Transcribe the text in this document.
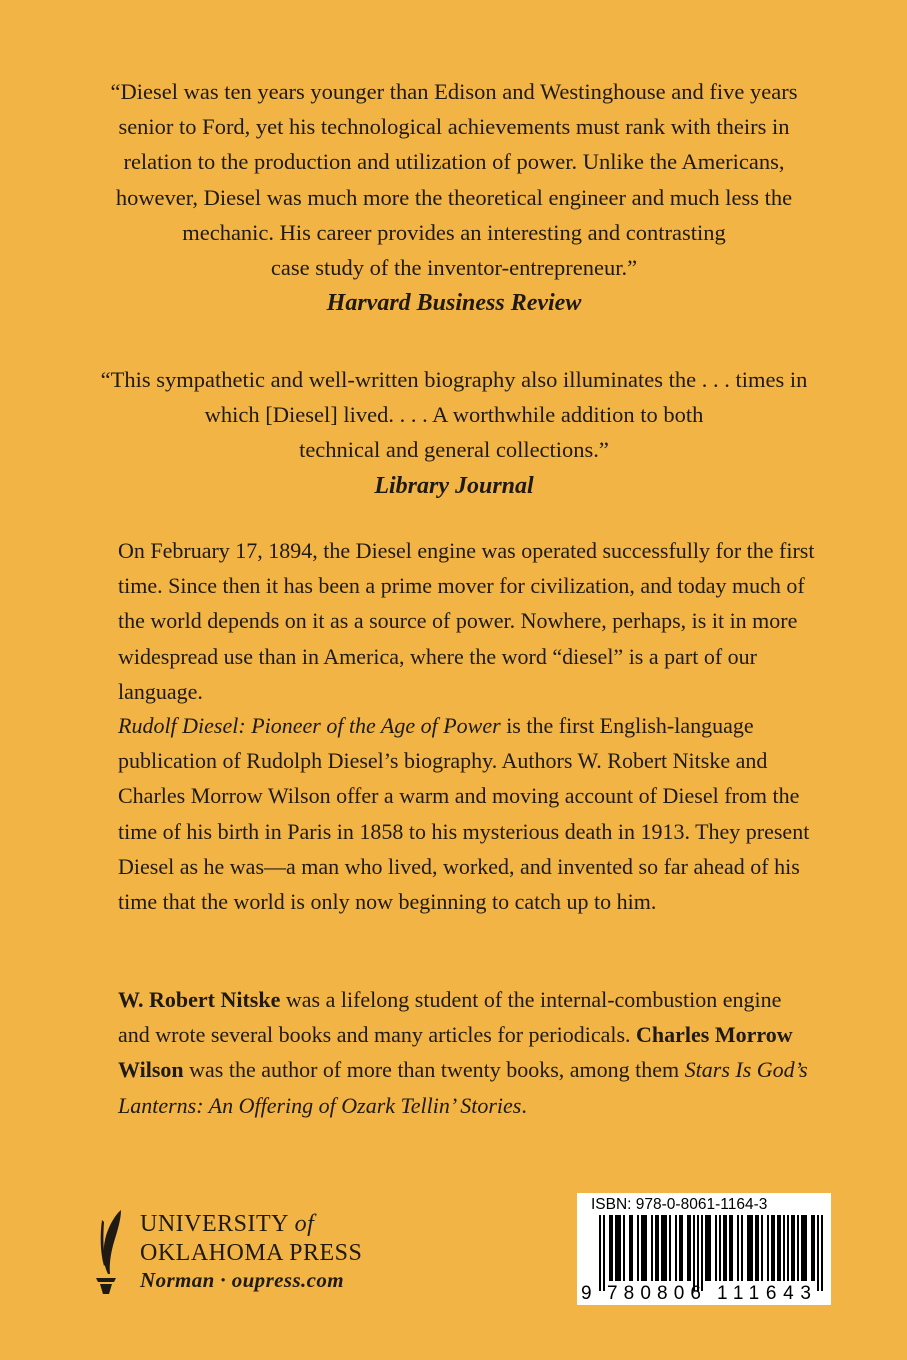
“Diesel was ten years younger than Edison and Westinghouse and five years

senior to Ford, yet his technological achievements must rank with theirs in

relation to the production and utilization of power. Unlike the Americans,

however, Diesel was much more the theoretical engineer and much less the

mechanic. His career provides an interesting and contrasting

case study of the inventor-entrepreneur.”

Harvard Business Review

“This sympathetic and well-written biography also illuminates the . . . times in

which [Diesel] lived. . . . A worthwhile addition to both

technical and general collections.”

Library Journal

On February 17, 1894, the Diesel engine was operated successfully for the first time. Since then it has been a prime mover for civilization, and today much of the world depends on it as a source of power. Nowhere, perhaps, is it in more widespread use than in America, where the word “diesel” is a part of our language.

Rudolf Diesel: Pioneer of the Age of Power is the first English-language publication of Rudolph Diesel’s biography. Authors W. Robert Nitske and Charles Morrow Wilson offer a warm and moving account of Diesel from the time of his birth in Paris in 1858 to his mysterious death in 1913. They present Diesel as he was—a man who lived, worked, and invented so far ahead of his time that the world is only now beginning to catch up to him.

W. Robert Nitske was a lifelong student of the internal-combustion engine and wrote several books and many articles for periodicals. Charles Morrow Wilson was the author of more than twenty books, among them Stars Is God’s Lanterns: An Offering of Ozark Tellin’ Stories.

UNIVERSITY of
OKLAHOMA PRESS
Norman · oupress.com
9 780806 111643
ISBN: 978-0-8061-1164-3
